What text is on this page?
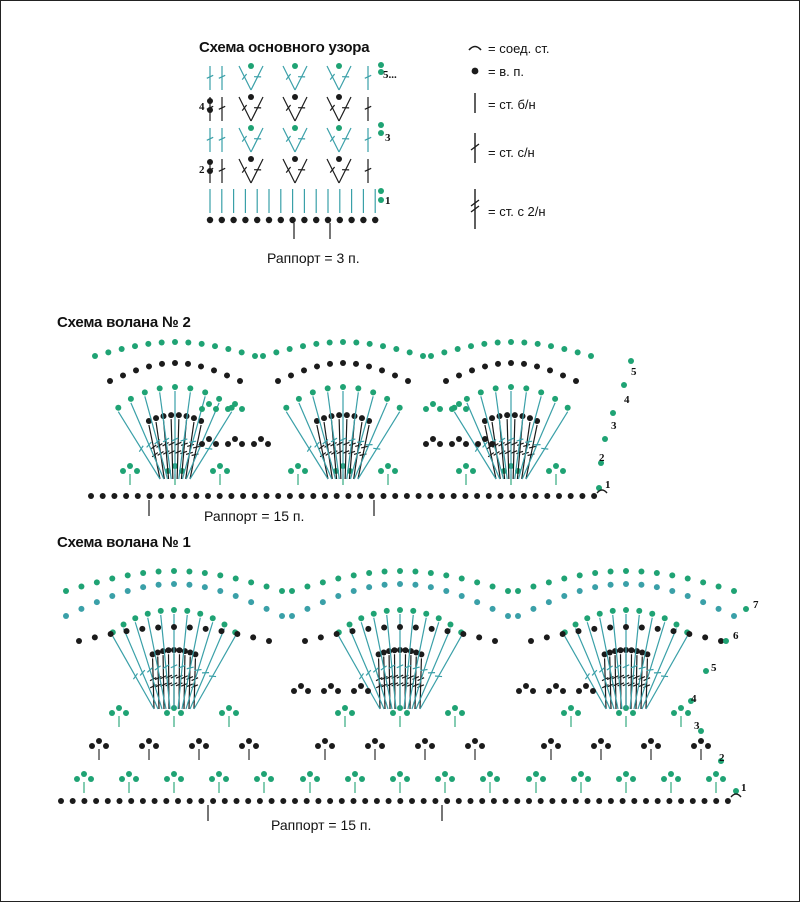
Схема основного узора
Раппорт = 3 п.
1
2
3
4
5...
= соед. ст.
= в. п.
= ст. б/н
= ст. с/н
= ст. с 2/н
Схема волана № 2
Раппорт = 15 п.
1
2
3
4
5
Схема волана № 1
Раппорт = 15 п.
1
2
3
4
5
6
7
